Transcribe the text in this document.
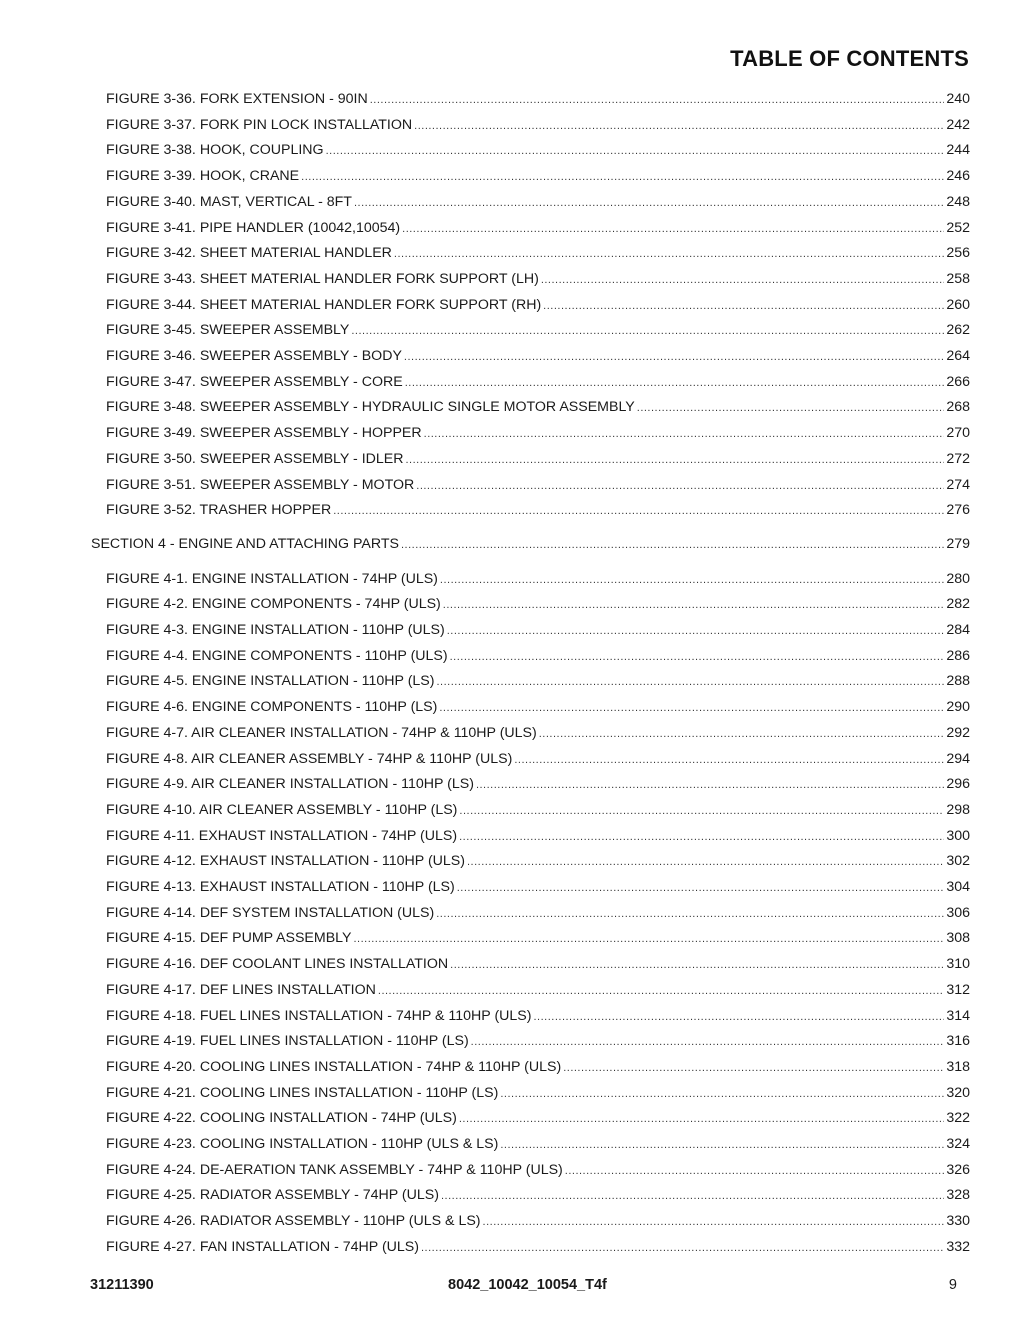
TABLE OF CONTENTS
FIGURE 3-36. FORK EXTENSION - 90IN .....	240
FIGURE 3-37. FORK PIN LOCK INSTALLATION .....	242
FIGURE 3-38. HOOK, COUPLING .....	244
FIGURE 3-39. HOOK, CRANE .....	246
FIGURE 3-40. MAST, VERTICAL - 8FT .....	248
FIGURE 3-41. PIPE HANDLER (10042,10054) .....	252
FIGURE 3-42. SHEET MATERIAL HANDLER .....	256
FIGURE 3-43. SHEET MATERIAL HANDLER FORK SUPPORT (LH) .....	258
FIGURE 3-44. SHEET MATERIAL HANDLER FORK SUPPORT (RH) .....	260
FIGURE 3-45. SWEEPER ASSEMBLY .....	262
FIGURE 3-46. SWEEPER ASSEMBLY - BODY .....	264
FIGURE 3-47. SWEEPER ASSEMBLY - CORE .....	266
FIGURE 3-48. SWEEPER ASSEMBLY - HYDRAULIC SINGLE MOTOR ASSEMBLY .....	268
FIGURE 3-49. SWEEPER ASSEMBLY - HOPPER .....	270
FIGURE 3-50. SWEEPER ASSEMBLY - IDLER .....	272
FIGURE 3-51. SWEEPER ASSEMBLY - MOTOR .....	274
FIGURE 3-52. TRASHER HOPPER .....	276
SECTION 4 - ENGINE AND ATTACHING PARTS .....	279
FIGURE 4-1. ENGINE INSTALLATION - 74HP (ULS) .....	280
FIGURE 4-2. ENGINE COMPONENTS - 74HP (ULS) .....	282
FIGURE 4-3. ENGINE INSTALLATION - 110HP (ULS) .....	284
FIGURE 4-4. ENGINE COMPONENTS - 110HP (ULS) .....	286
FIGURE 4-5. ENGINE INSTALLATION - 110HP (LS) .....	288
FIGURE 4-6. ENGINE COMPONENTS - 110HP (LS) .....	290
FIGURE 4-7. AIR CLEANER INSTALLATION - 74HP & 110HP (ULS) .....	292
FIGURE 4-8. AIR CLEANER ASSEMBLY - 74HP & 110HP (ULS) .....	294
FIGURE 4-9. AIR CLEANER INSTALLATION - 110HP (LS) .....	296
FIGURE 4-10. AIR CLEANER ASSEMBLY - 110HP (LS) .....	298
FIGURE 4-11. EXHAUST INSTALLATION - 74HP (ULS) .....	300
FIGURE 4-12. EXHAUST INSTALLATION - 110HP (ULS) .....	302
FIGURE 4-13. EXHAUST INSTALLATION - 110HP (LS) .....	304
FIGURE 4-14. DEF SYSTEM INSTALLATION (ULS) .....	306
FIGURE 4-15. DEF PUMP ASSEMBLY .....	308
FIGURE 4-16. DEF COOLANT LINES INSTALLATION .....	310
FIGURE 4-17. DEF LINES INSTALLATION .....	312
FIGURE 4-18. FUEL LINES INSTALLATION - 74HP & 110HP (ULS) .....	314
FIGURE 4-19. FUEL LINES INSTALLATION - 110HP (LS) .....	316
FIGURE 4-20. COOLING LINES INSTALLATION - 74HP & 110HP (ULS) .....	318
FIGURE 4-21. COOLING LINES INSTALLATION - 110HP (LS) .....	320
FIGURE 4-22. COOLING INSTALLATION - 74HP (ULS) .....	322
FIGURE 4-23. COOLING INSTALLATION - 110HP (ULS & LS) .....	324
FIGURE 4-24. DE-AERATION TANK ASSEMBLY - 74HP & 110HP (ULS) .....	326
FIGURE 4-25. RADIATOR ASSEMBLY - 74HP (ULS) .....	328
FIGURE 4-26. RADIATOR ASSEMBLY - 110HP (ULS & LS) .....	330
FIGURE 4-27. FAN INSTALLATION - 74HP (ULS) .....	332
31211390	8042_10042_10054_T4f	9
